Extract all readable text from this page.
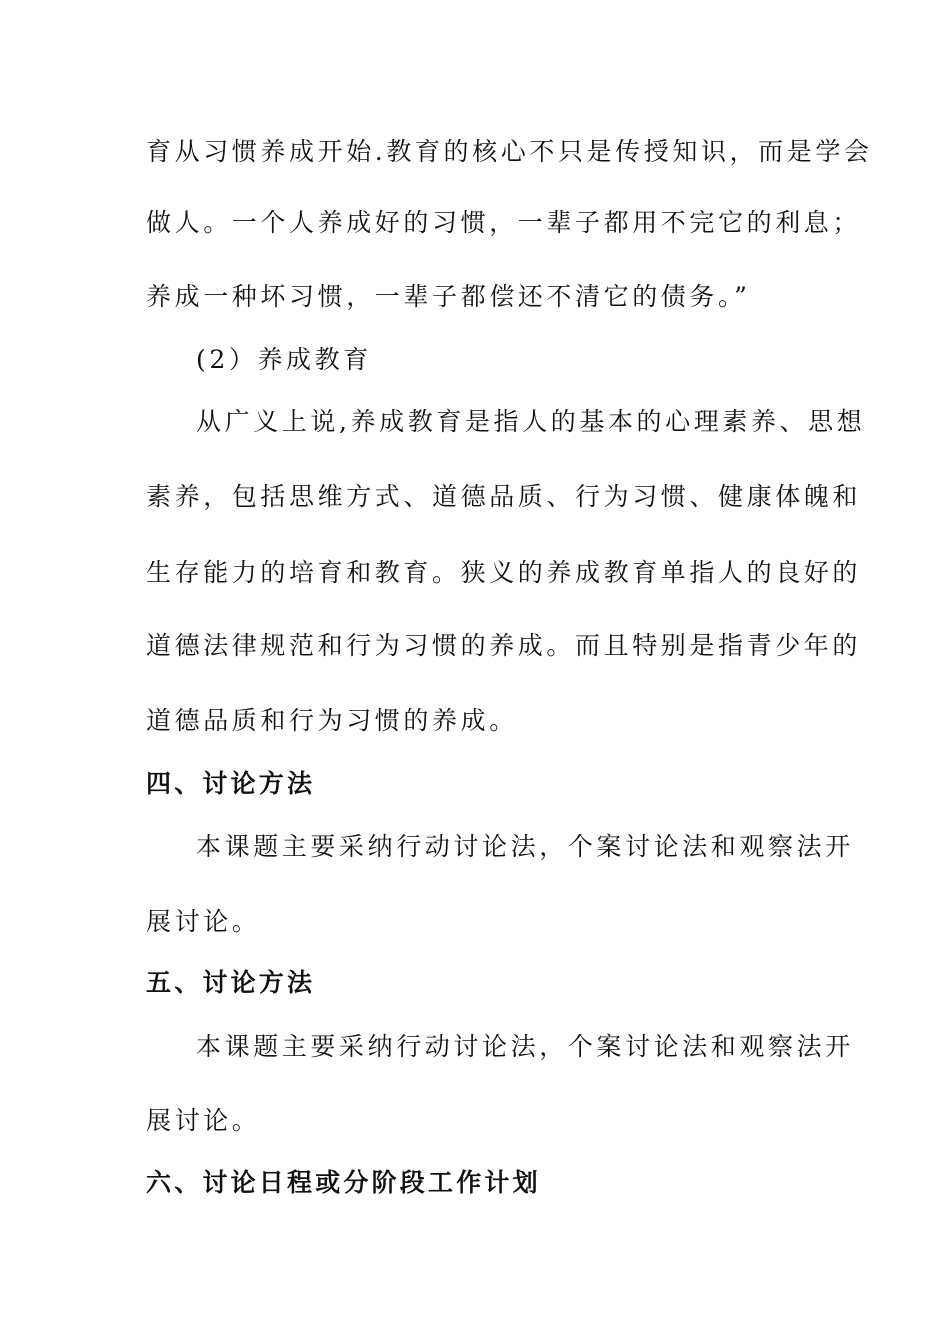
育从习惯养成开始.教育的核心不只是传授知识，而是学会
做人。一个人养成好的习惯，一辈子都用不完它的利息；
养成一种坏习惯，一辈子都偿还不清它的债务。”
(2）养成教育
从广义上说,养成教育是指人的基本的心理素养、思想
素养，包括思维方式、道德品质、行为习惯、健康体魄和
生存能力的培育和教育。狭义的养成教育单指人的良好的
道德法律规范和行为习惯的养成。而且特别是指青少年的
道德品质和行为习惯的养成。
四、讨论方法
本课题主要采纳行动讨论法，个案讨论法和观察法开
展讨论。
五、讨论方法
本课题主要采纳行动讨论法，个案讨论法和观察法开
展讨论。
六、讨论日程或分阶段工作计划
